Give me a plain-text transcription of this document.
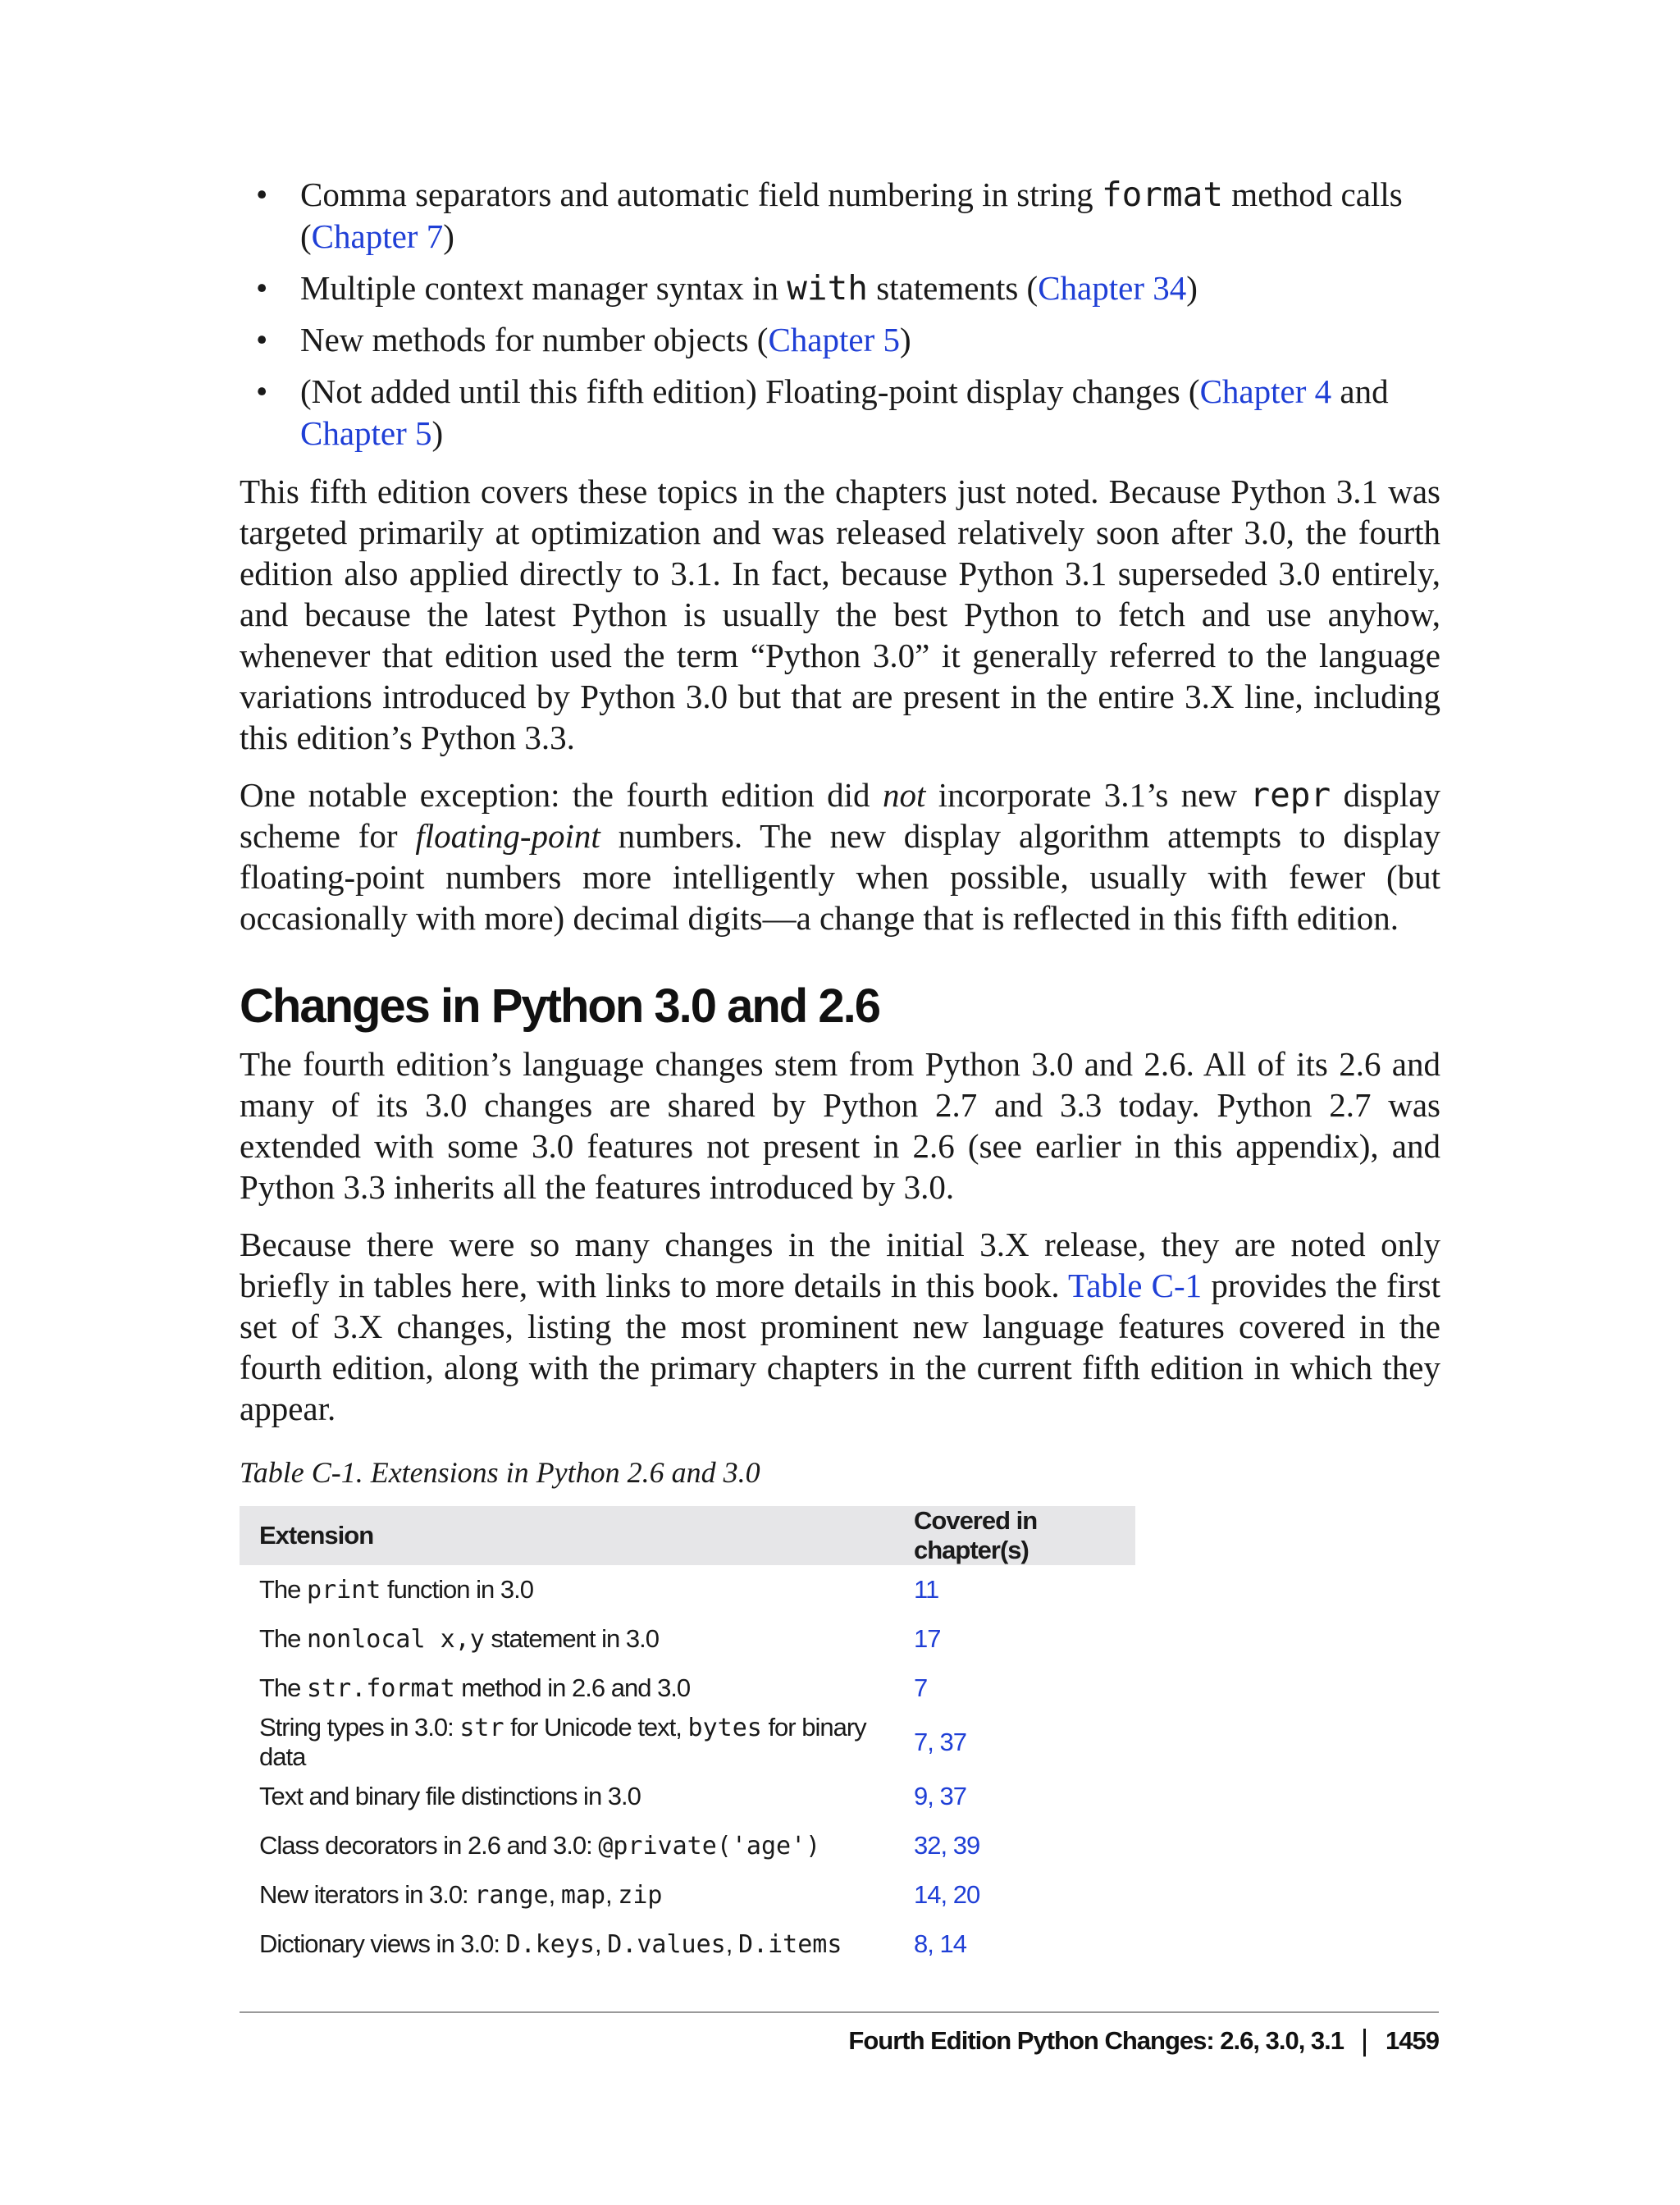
• Comma separators and automatic field numbering in string format method calls (Chapter 7)
• Multiple context manager syntax in with statements (Chapter 34)
• New methods for number objects (Chapter 5)
• (Not added until this fifth edition) Floating-point display changes (Chapter 4 and Chapter 5)

This fifth edition covers these topics in the chapters just noted. Because Python 3.1 was targeted primarily at optimization and was released relatively soon after 3.0, the fourth edition also applied directly to 3.1. In fact, because Python 3.1 superseded 3.0 entirely, and because the latest Python is usually the best Python to fetch and use anyhow, whenever that edition used the term “Python 3.0” it generally referred to the language variations introduced by Python 3.0 but that are present in the entire 3.X line, including this edition’s Python 3.3.

One notable exception: the fourth edition did not incorporate 3.1’s new repr display scheme for floating-point numbers. The new display algorithm attempts to display floating-point numbers more intelligently when possible, usually with fewer (but occasionally with more) decimal digits—a change that is reflected in this fifth edition.

Changes in Python 3.0 and 2.6

The fourth edition’s language changes stem from Python 3.0 and 2.6. All of its 2.6 and many of its 3.0 changes are shared by Python 2.7 and 3.3 today. Python 2.7 was extended with some 3.0 features not present in 2.6 (see earlier in this appendix), and Python 3.3 inherits all the features introduced by 3.0.

Because there were so many changes in the initial 3.X release, they are noted only briefly in tables here, with links to more details in this book. Table C-1 provides the first set of 3.X changes, listing the most prominent new language features covered in the fourth edition, along with the primary chapters in the current fifth edition in which they appear.

Table C-1. Extensions in Python 2.6 and 3.0
Extension	Covered in chapter(s)
The print function in 3.0	11
The nonlocal x,y statement in 3.0	17
The str.format method in 2.6 and 3.0	7
String types in 3.0: str for Unicode text, bytes for binary data	7, 37
Text and binary file distinctions in 3.0	9, 37
Class decorators in 2.6 and 3.0: @private('age')	32, 39
New iterators in 3.0: range, map, zip	14, 20
Dictionary views in 3.0: D.keys, D.values, D.items	8, 14
Fourth Edition Python Changes: 2.6, 3.0, 3.1 1459
